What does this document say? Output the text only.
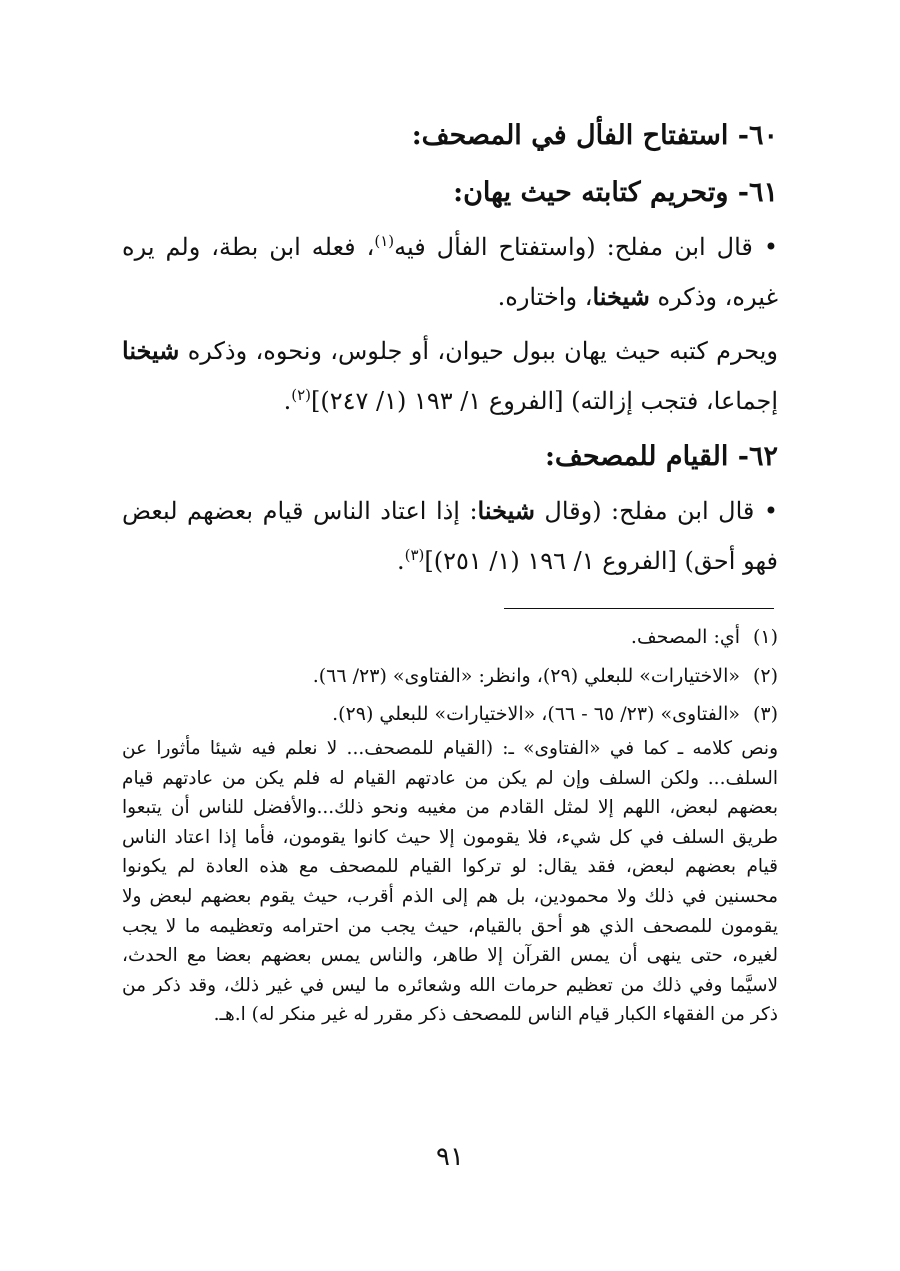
٦٠- استفتاح الفأل في المصحف:
٦١- وتحريم كتابته حيث يهان:
• قال ابن مفلح: (واستفتاح الفأل فيه$^{(١)}$، فعله ابن بطة، ولم يره غيره، وذكره شيخنا، واختاره.
ويحرم كتبه حيث يهان ببول حيوان، أو جلوس، ونحوه، وذكره شيخنا إجماعا، فتجب إزالته) [الفروع ١/ ١٩٣ (١/ ٢٤٧)]$^{(٢)}$.
٦٢- القيام للمصحف:
• قال ابن مفلح: (وقال شيخنا: إذا اعتاد الناس قيام بعضهم لبعض فهو أحق) [الفروع ١/ ١٩٦ (١/ ٢٥١)]$^{(٣)}$.
(١)أي: المصحف.
(٢)«الاختيارات» للبعلي (٢٩)، وانظر: «الفتاوى» (٢٣/ ٦٦).
(٣)«الفتاوى» (٢٣/ ٦٥ - ٦٦)، «الاختيارات» للبعلي (٢٩).
ونص كلامه ـ كما في «الفتاوى» ـ: (القيام للمصحف... لا نعلم فيه شيئا مأثورا عن السلف... ولكن السلف وإن لم يكن من عادتهم القيام له فلم يكن من عادتهم قيام بعضهم لبعض، اللهم إلا لمثل القادم من مغيبه ونحو ذلك...والأفضل للناس أن يتبعوا طريق السلف في كل شيء، فلا يقومون إلا حيث كانوا يقومون، فأما إذا اعتاد الناس قيام بعضهم لبعض، فقد يقال: لو تركوا القيام للمصحف مع هذه العادة لم يكونوا محسنين في ذلك ولا محمودين، بل هم إلى الذم أقرب، حيث يقوم بعضهم لبعض ولا يقومون للمصحف الذي هو أحق بالقيام، حيث يجب من احترامه وتعظيمه ما لا يجب لغيره، حتى ينهى أن يمس القرآن إلا طاهر، والناس يمس بعضهم بعضا مع الحدث، لاسيَّما وفي ذلك من تعظيم حرمات الله وشعائره ما ليس في غير ذلك، وقد ذكر من ذكر من الفقهاء الكبار قيام الناس للمصحف ذكر مقرر له غير منكر له) ا.هـ.
٩١
